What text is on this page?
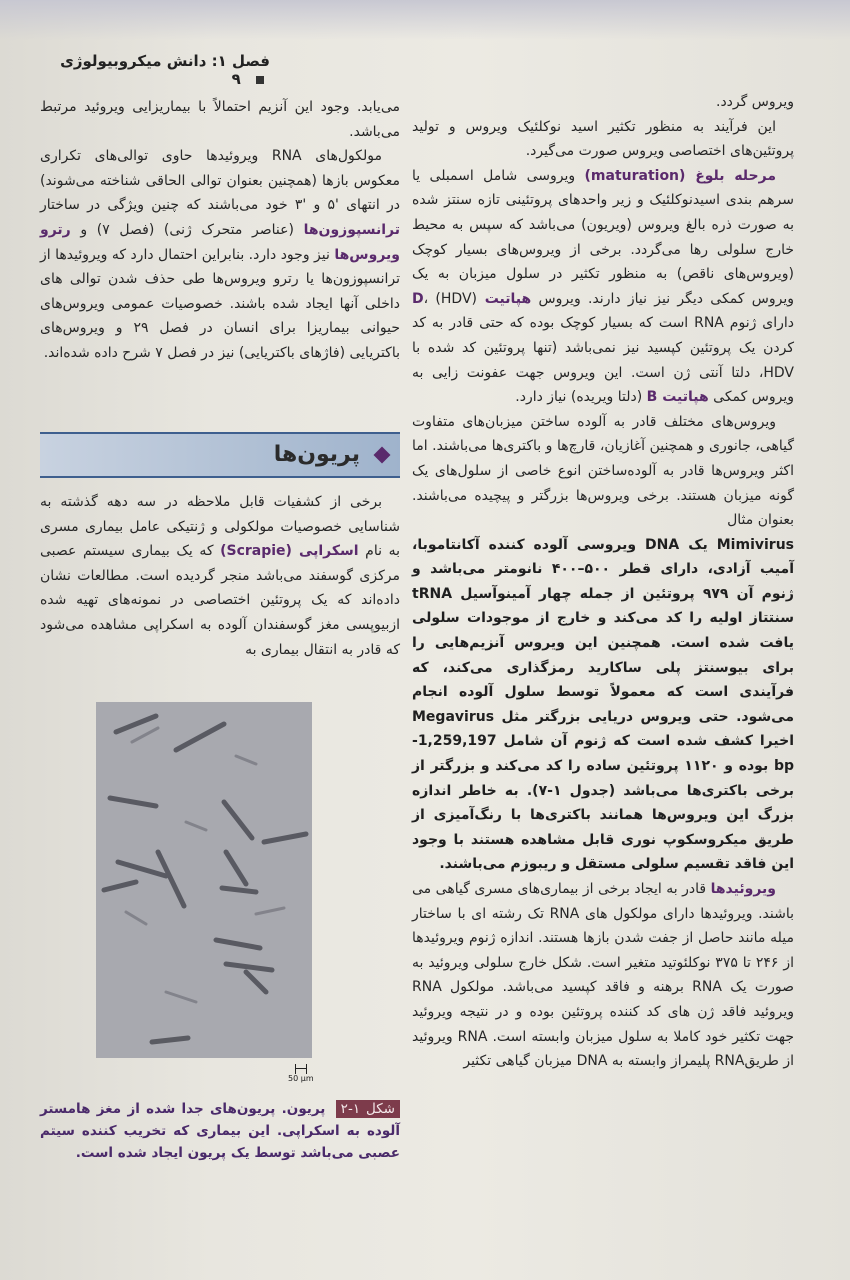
فصل ۱: دانش میکروبیولوژی  ۹

ویروس گردد.

این فرآیند به منظور تکثیر اسید نوکلئیک ویروس و تولید پروتئین‌های اختصاصی ویروس صورت می‌گیرد.

مرحله بلوغ (maturation) ویروسی شامل اسمبلی یا سرهم بندی اسیدنوکلئیک و زیر واحدهای پروتئینی تازه سنتز شده به صورت ذره بالغ ویروس (ویریون) می‌باشد که سپس به محیط خارج سلولی رها می‌گردد. برخی از ویروس‌های بسیار کوچک (ویروس‌های ناقص) به منظور تکثیر در سلول میزبان به یک ویروس کمکی دیگر نیز نیاز دارند. ویروس هپاتیت D، (HDV) دارای ژنوم RNA است که بسیار کوچک بوده که حتی قادر به کد کردن یک پروتئین کپسید نیز نمی‌باشد (تنها پروتئین کد شده با HDV، دلتا آنتی ژن است. این ویروس جهت عفونت زایی به ویروس کمکی هپاتیت B (دلتا ویریده) نیاز دارد.

ویروس‌های مختلف قادر به آلوده ساختن میزبان‌های متفاوت گیاهی، جانوری و همچنین آغازیان، قارچ‌ها و باکتری‌ها می‌باشند. اما اکثر ویروس‌ها قادر به آلوده‌ساختن انوع خاصی از سلول‌های یک گونه میزبان هستند. برخی ویروس‌ها بزرگتر و پیچیده می‌باشند. بعنوان مثال

Mimivirus یک DNA ویروسی آلوده کننده آکانتاموبا، آمیب آزادی، دارای قطر ۵۰۰–۴۰۰ نانومتر می‌باشد و ژنوم آن ۹۷۹ پروتئین از جمله چهار آمینوآسیل tRNA سنتتاز اولیه را کد می‌کند و خارج از موجودات سلولی یافت شده است. همچنین این ویروس آنزیم‌هایی را برای بیوسنتز پلی ساکارید رمزگذاری می‌کند، که فرآیندی است که معمولاً توسط سلول آلوده انجام می‌شود. حتی ویروس دریایی بزرگتر مثل Megavirus اخیرا کشف شده است که ژنوم آن شامل 1,259,197-bp بوده و ۱۱۲۰ پروتئین ساده را کد می‌کند و بزرگتر از برخی باکتری‌ها می‌باشد (جدول ۱-۷). به خاطر اندازه بزرگ این ویروس‌ها همانند باکتری‌ها با رنگ‌آمیزی از طریق میکروسکوپ نوری قابل مشاهده هستند با وجود این فاقد تقسیم سلولی مستقل و ریبوزم می‌باشند.

ویروئیدها قادر به ایجاد برخی از بیماری‌های مسری گیاهی می باشند. ویروئیدها دارای مولکول های RNA تک رشته ای با ساختار میله مانند حاصل از جفت شدن بازها هستند. اندازه ژنوم ویروئیدها از ۲۴۶ تا ۳۷۵ نوکلئوتید متغیر است. شکل خارج سلولی ویروئید به صورت یک RNA برهنه و فاقد کپسید می‌باشد. مولکول RNA ویروئید فاقد ژن های کد کننده پروتئین بوده و در نتیجه ویروئید جهت تکثیر خود کاملا به سلول میزبان وابسته است. RNA ویروئید از طریقRNA پلیمراز وابسته به DNA میزبان گیاهی تکثیر

می‌یابد. وجود این آنزیم احتمالاً با بیماریزایی ویروئید مرتبط می‌باشد.

مولکول‌های RNA ویروئیدها حاوی توالی‌های تکراری معکوس بازها (همچنین بعنوان توالی الحاقی شناخته می‌شوند) در انتهای '۵ و '۳ خود می‌باشند که چنین ویژگی در ساختار ترانسپوزون‌ها (عناصر متحرک ژنی) (فصل ۷) و رترو ویروس‌ها نیز وجود دارد. بنابراین احتمال دارد که ویروئیدها از ترانسپوزون‌ها یا رترو ویروس‌ها طی حذف شدن توالی های داخلی آنها ایجاد شده باشند. خصوصیات عمومی ویروس‌های حیوانی بیماریزا برای انسان در فصل ۲۹ و ویروس‌های باکتریایی (فاژهای باکتریایی) نیز در فصل ۷ شرح داده شده‌اند.

پریون‌ها

برخی از کشفیات قابل ملاحظه در سه دهه گذشته به شناسایی خصوصیات مولکولی و ژنتیکی عامل بیماری مسری به نام اسکراپی (Scrapie) که یک بیماری سیستم عصبی مرکزی گوسفند می‌باشد منجر گردیده است. مطالعات نشان داده‌اند که یک پروتئین اختصاصی در نمونه‌های تهیه شده ازبیوپسی مغز گوسفندان آلوده به اسکراپی مشاهده می‌شود که قادر به انتقال بیماری به

50 µm
شکل ۱-۲ پریون. پریون‌های جدا شده از مغز هامستر آلوده به اسکراپی. این بیماری که تخریب کننده سیتم عصبی می‌باشد توسط یک پریون ایجاد شده است.
